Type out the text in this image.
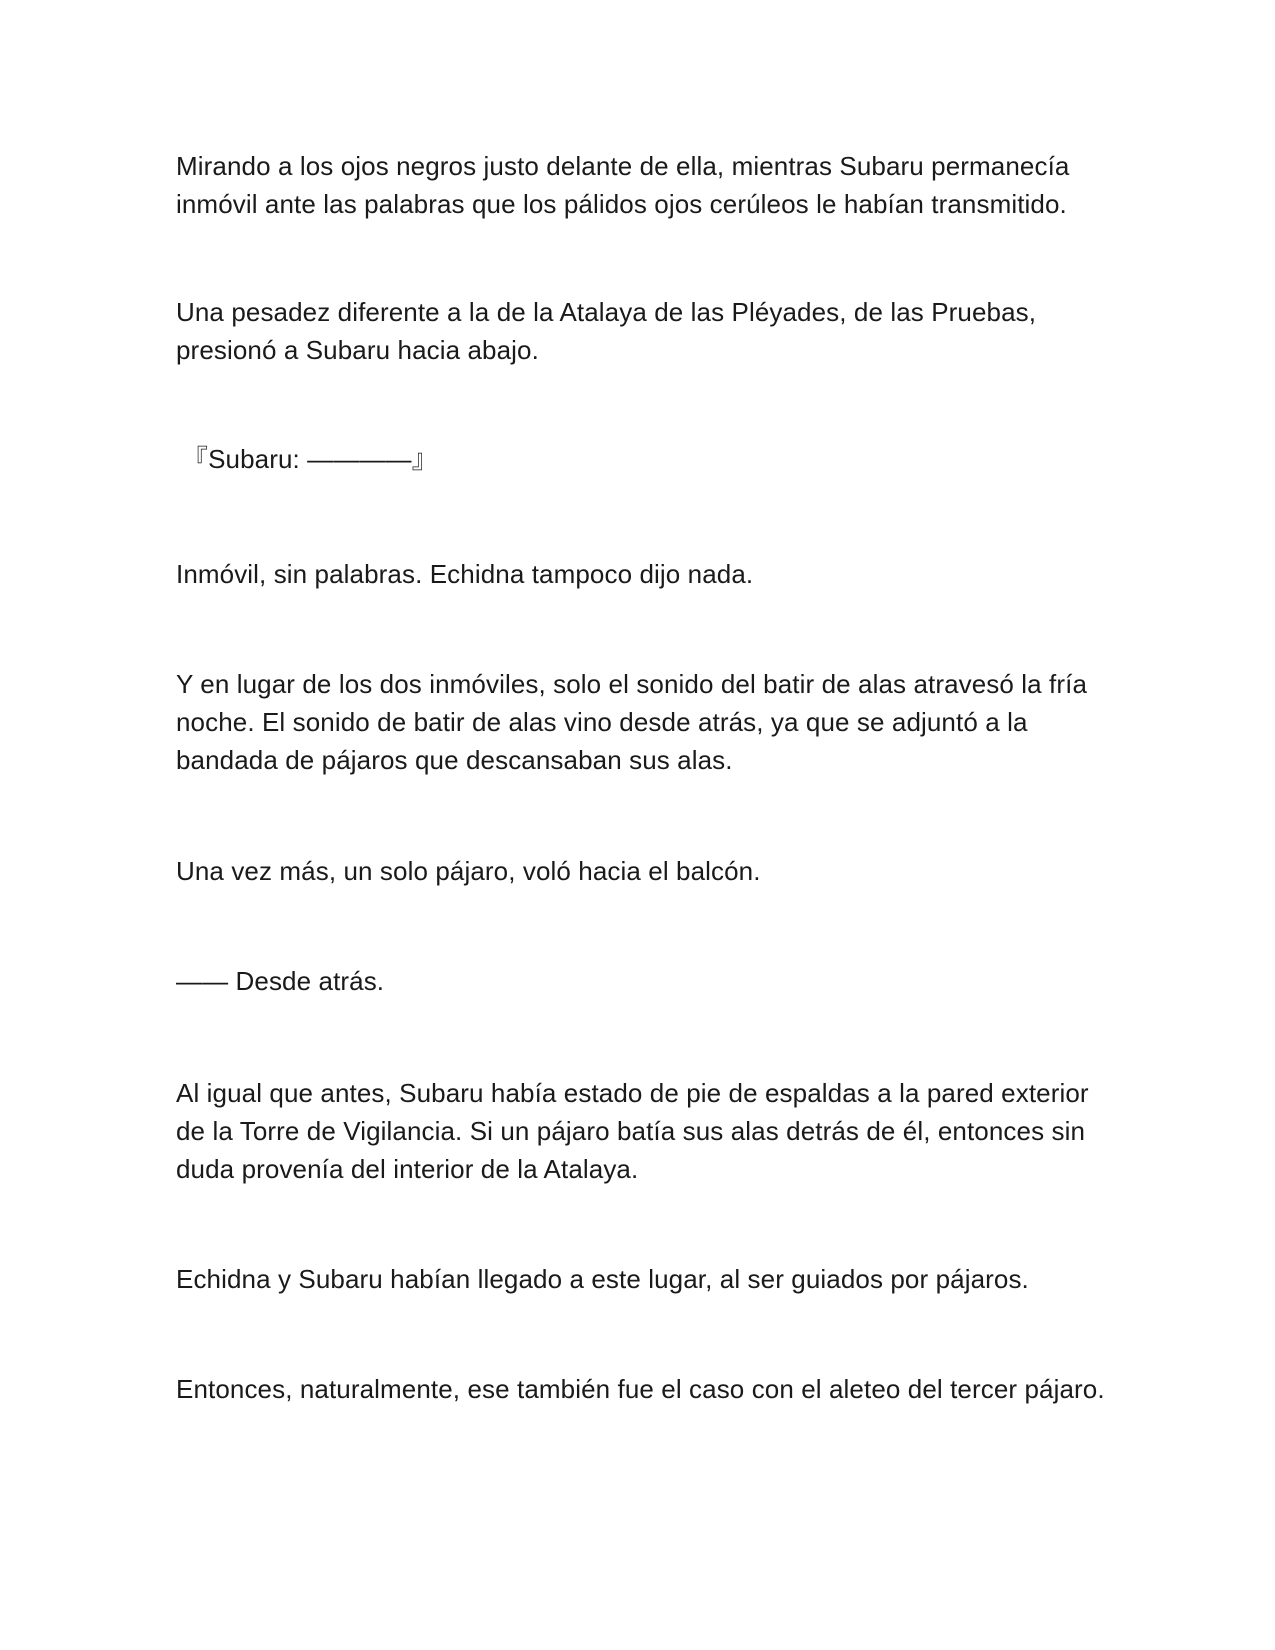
Mirando a los ojos negros justo delante de ella, mientras Subaru permanecía inmóvil ante las palabras que los pálidos ojos cerúleos le habían transmitido.

Una pesadez diferente a la de la Atalaya de las Pléyades, de las Pruebas, presionó a Subaru hacia abajo.

『Subaru: ————』

Inmóvil, sin palabras. Echidna tampoco dijo nada.

Y en lugar de los dos inmóviles, solo el sonido del batir de alas atravesó la fría noche. El sonido de batir de alas vino desde atrás, ya que se adjuntó a la bandada de pájaros que descansaban sus alas.

Una vez más, un solo pájaro, voló hacia el balcón.

—— Desde atrás.

Al igual que antes, Subaru había estado de pie de espaldas a la pared exterior de la Torre de Vigilancia. Si un pájaro batía sus alas detrás de él, entonces sin duda provenía del interior de la Atalaya.

Echidna y Subaru habían llegado a este lugar, al ser guiados por pájaros.

Entonces, naturalmente, ese también fue el caso con el aleteo del tercer pájaro.
